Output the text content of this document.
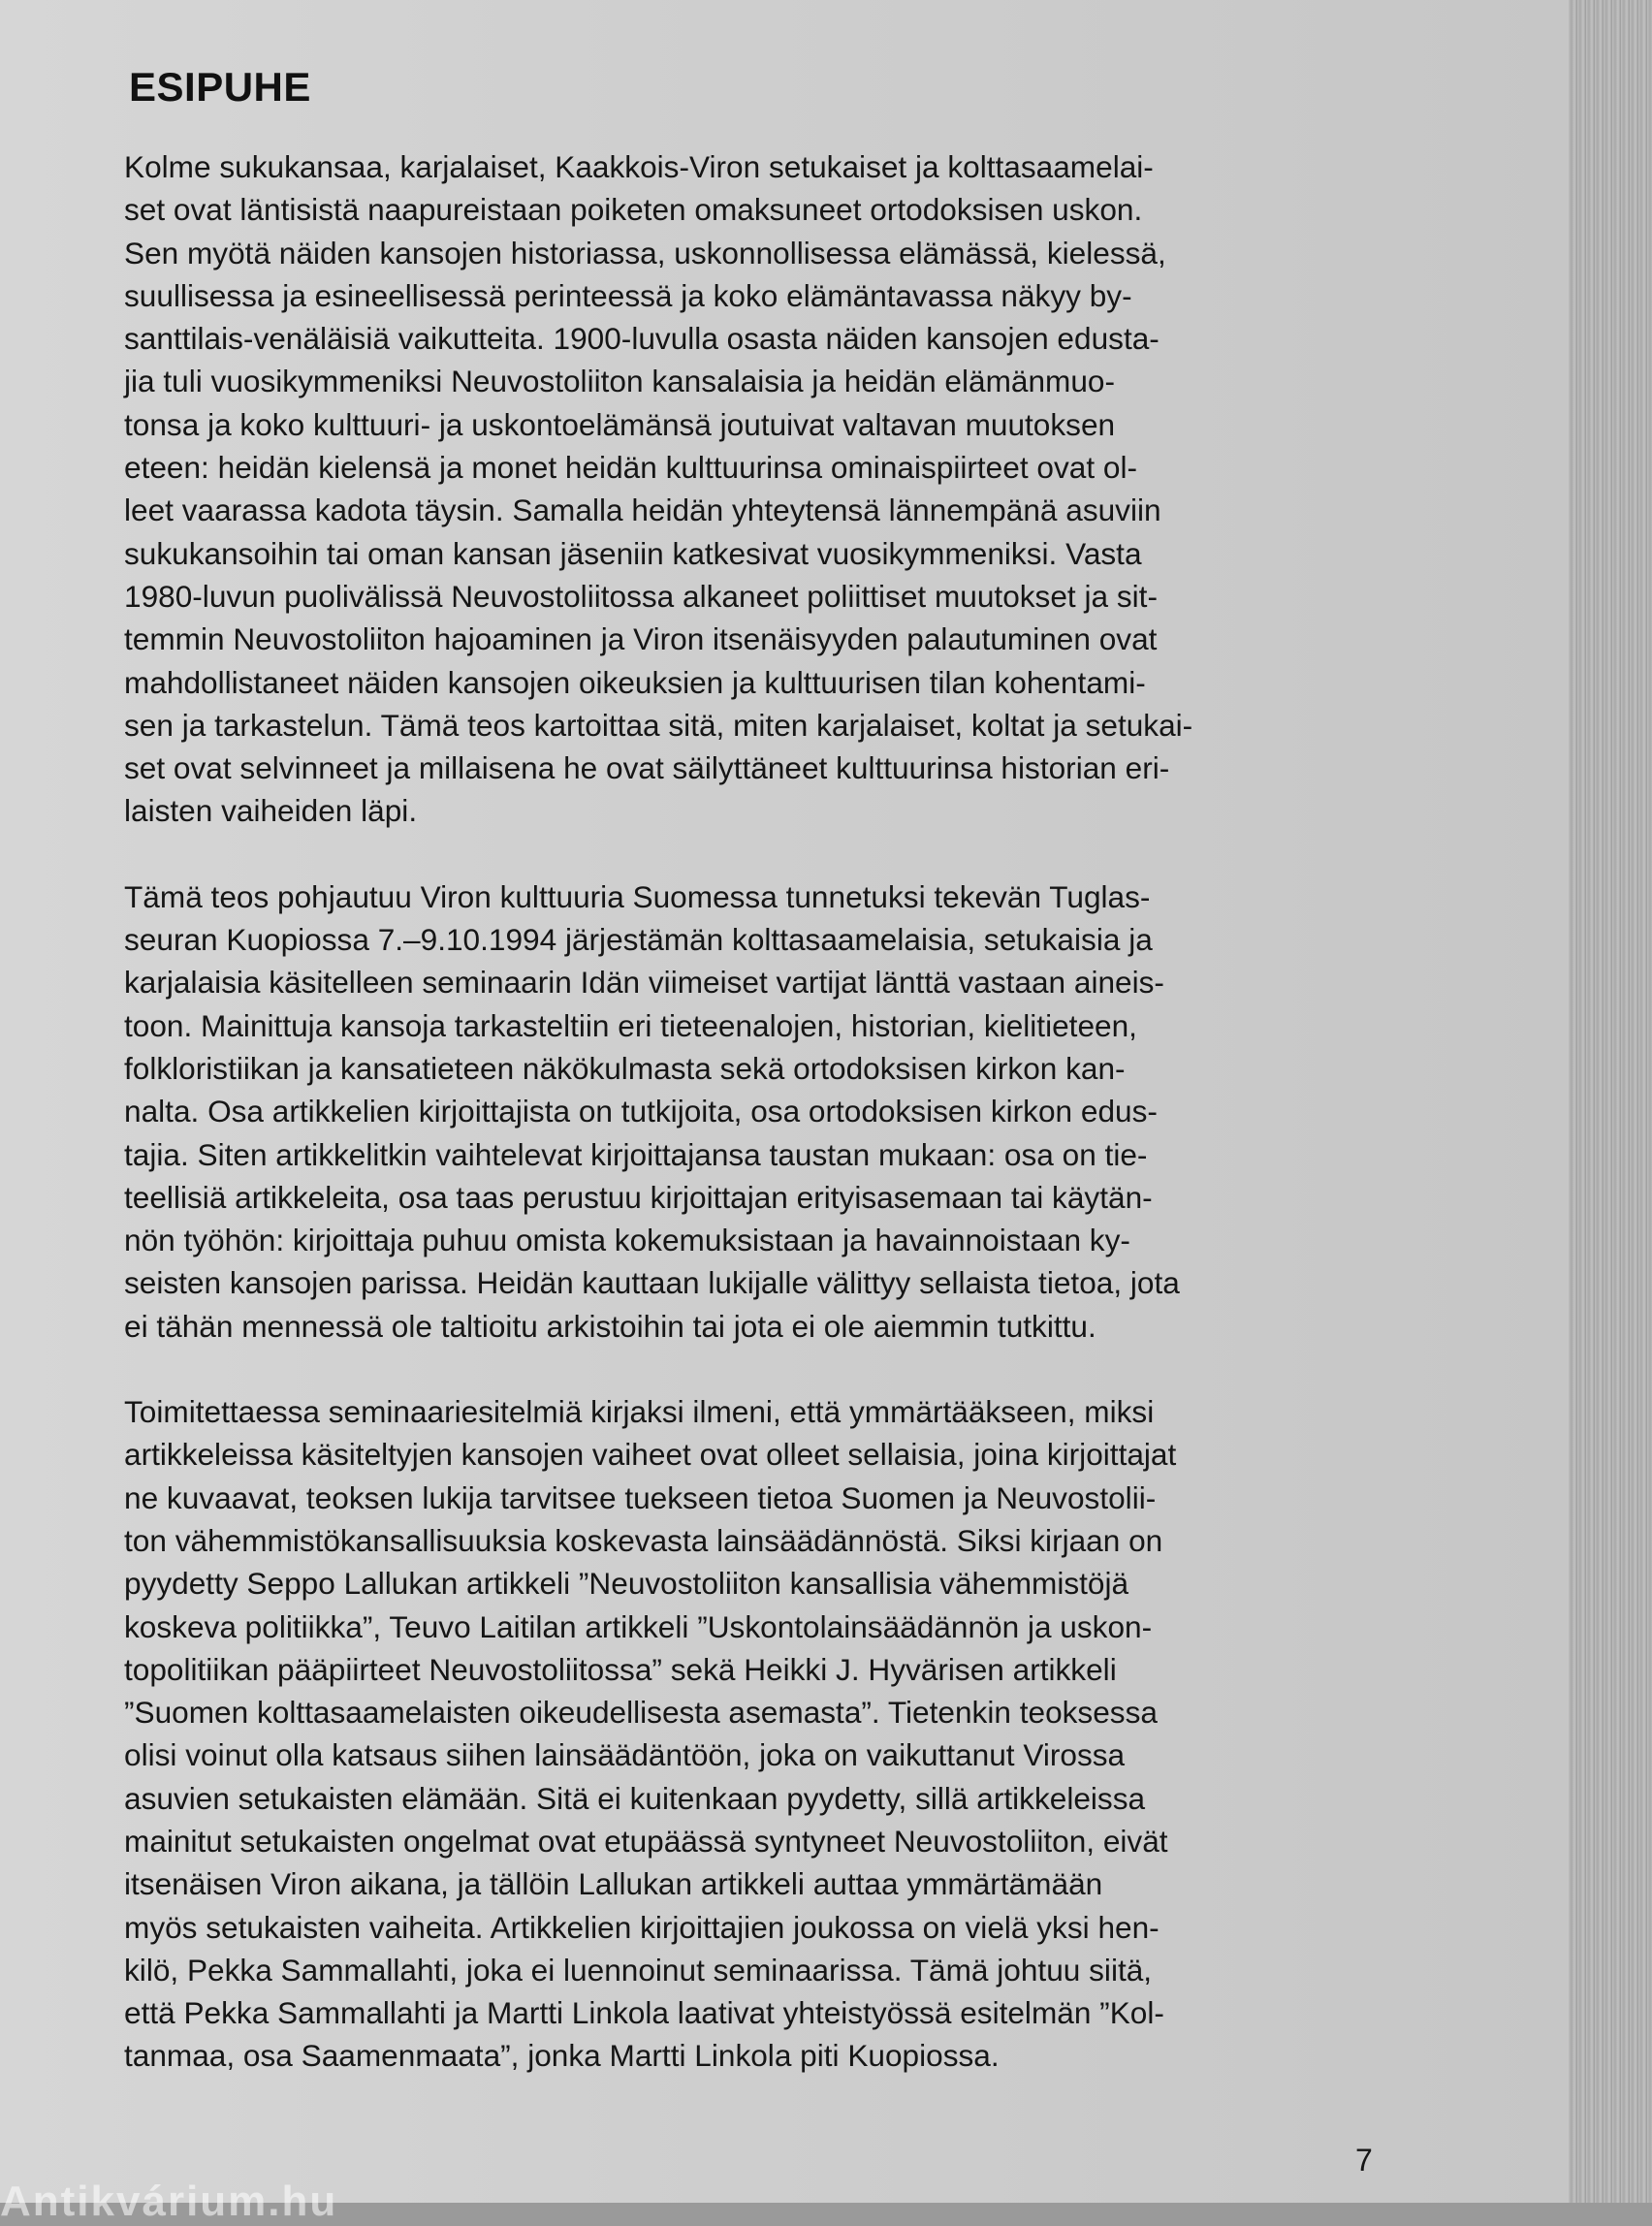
ESIPUHE

Kolme sukukansaa, karjalaiset, Kaakkois-Viron setukaiset ja kolttasaamelai-
set ovat läntisistä naapureistaan poiketen omaksuneet ortodoksisen uskon.
Sen myötä näiden kansojen historiassa, uskonnollisessa elämässä, kielessä,
suullisessa ja esineellisessä perinteessä ja koko elämäntavassa näkyy by-
santtilais-venäläisiä vaikutteita. 1900-luvulla osasta näiden kansojen edusta-
jia tuli vuosikymmeniksi Neuvostoliiton kansalaisia ja heidän elämänmuo-
tonsa ja koko kulttuuri- ja uskontoelämänsä joutuivat valtavan muutoksen
eteen: heidän kielensä ja monet heidän kulttuurinsa ominaispiirteet ovat ol-
leet vaarassa kadota täysin. Samalla heidän yhteytensä lännempänä asuviin
sukukansoihin tai oman kansan jäseniin katkesivat vuosikymmeniksi. Vasta
1980-luvun puolivälissä Neuvostoliitossa alkaneet poliittiset muutokset ja sit-
temmin Neuvostoliiton hajoaminen ja Viron itsenäisyyden palautuminen ovat
mahdollistaneet näiden kansojen oikeuksien ja kulttuurisen tilan kohentami-
sen ja tarkastelun. Tämä teos kartoittaa sitä, miten karjalaiset, koltat ja setukai-
set ovat selvinneet ja millaisena he ovat säilyttäneet kulttuurinsa historian eri-
laisten vaiheiden läpi.

Tämä teos pohjautuu Viron kulttuuria Suomessa tunnetuksi tekevän Tuglas-
seuran Kuopiossa 7.–9.10.1994 järjestämän kolttasaamelaisia, setukaisia ja
karjalaisia käsitelleen seminaarin Idän viimeiset vartijat länttä vastaan aineis-
toon. Mainittuja kansoja tarkasteltiin eri tieteenalojen, historian, kielitieteen,
folkloristiikan ja kansatieteen näkökulmasta sekä ortodoksisen kirkon kan-
nalta. Osa artikkelien kirjoittajista on tutkijoita, osa ortodoksisen kirkon edus-
tajia. Siten artikkelitkin vaihtelevat kirjoittajansa taustan mukaan: osa on tie-
teellisiä artikkeleita, osa taas perustuu kirjoittajan erityisasemaan tai käytän-
nön työhön: kirjoittaja puhuu omista kokemuksistaan ja havainnoistaan ky-
seisten kansojen parissa. Heidän kauttaan lukijalle välittyy sellaista tietoa, jota
ei tähän mennessä ole taltioitu arkistoihin tai jota ei ole aiemmin tutkittu.

Toimitettaessa seminaariesitelmiä kirjaksi ilmeni, että ymmärtääkseen, miksi
artikkeleissa käsiteltyjen kansojen vaiheet ovat olleet sellaisia, joina kirjoittajat
ne kuvaavat, teoksen lukija tarvitsee tuekseen tietoa Suomen ja Neuvostolii-
ton vähemmistökansallisuuksia koskevasta lainsäädännöstä. Siksi kirjaan on
pyydetty Seppo Lallukan artikkeli ”Neuvostoliiton kansallisia vähemmistöjä
koskeva politiikka”, Teuvo Laitilan artikkeli ”Uskontolainsäädännön ja uskon-
topolitiikan pääpiirteet Neuvostoliitossa” sekä Heikki J. Hyvärisen artikkeli
”Suomen kolttasaamelaisten oikeudellisesta asemasta”. Tietenkin teoksessa
olisi voinut olla katsaus siihen lainsäädäntöön, joka on vaikuttanut Virossa
asuvien setukaisten elämään. Sitä ei kuitenkaan pyydetty, sillä artikkeleissa
mainitut setukaisten ongelmat ovat etupäässä syntyneet Neuvostoliiton, eivät
itsenäisen Viron aikana, ja tällöin Lallukan artikkeli auttaa ymmärtämään
myös setukaisten vaiheita. Artikkelien kirjoittajien joukossa on vielä yksi hen-
kilö, Pekka Sammallahti, joka ei luennoinut seminaarissa. Tämä johtuu siitä,
että Pekka Sammallahti ja Martti Linkola laativat yhteistyössä esitelmän ”Kol-
tanmaa, osa Saamenmaata”, jonka Martti Linkola piti Kuopiossa.

7
Antikvárium.hu
